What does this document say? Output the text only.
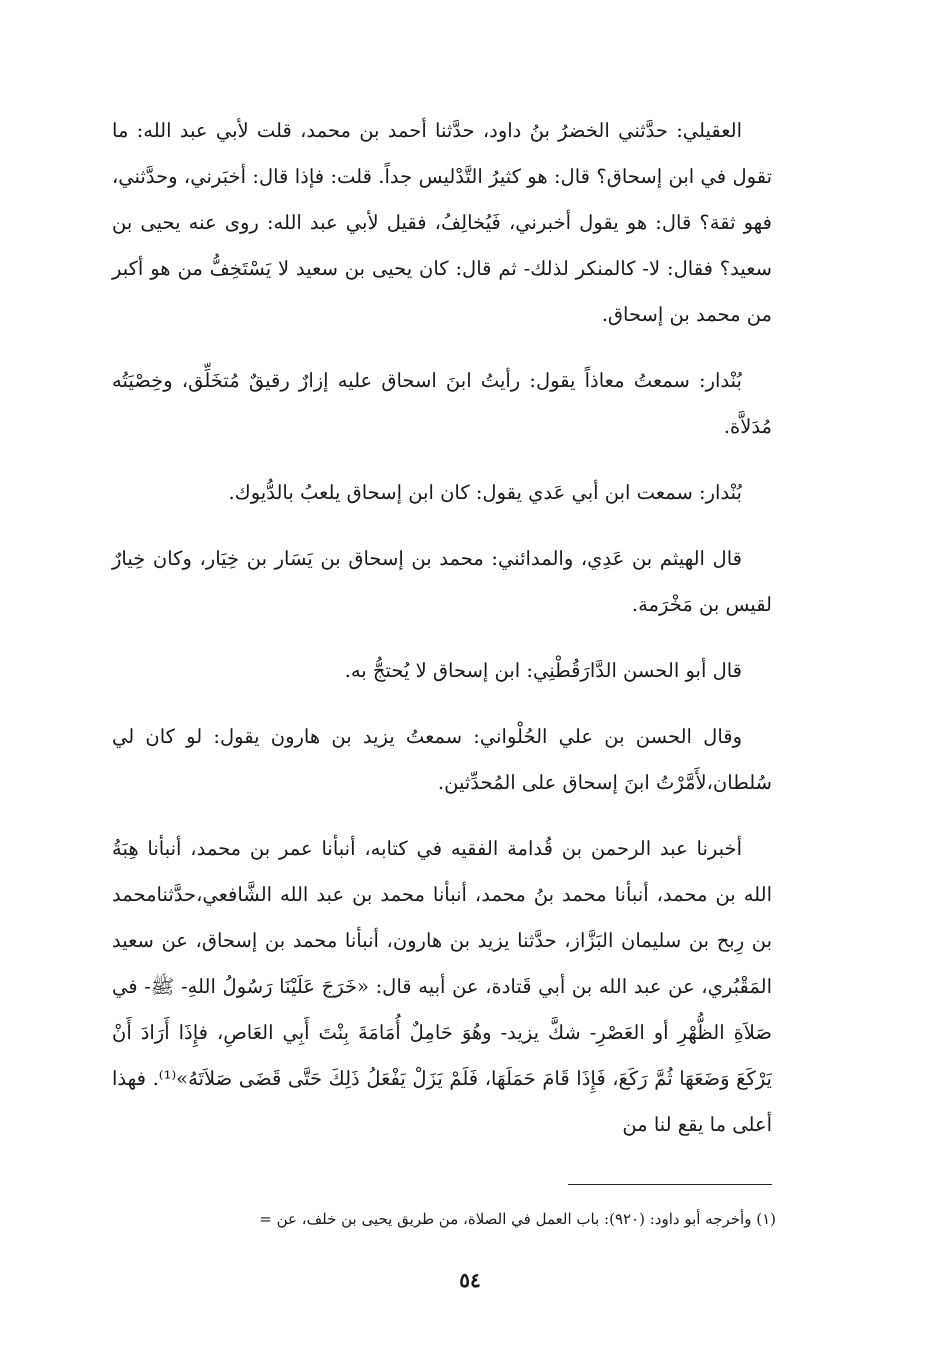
العقيلي: حدَّثني الخضرُ بنُ داود، حدَّثنا أحمد بن محمد، قلت لأبي عبد الله: ما تقول في ابن إسحاق؟ قال: هو كثيرُ التَّدْليس جداً. قلت: فإذا قال: أخبَرني، وحدَّثني، فهو ثقة؟ قال: هو يقول أخبرني، فَيُخالِفُ، فقيل لأبي عبد الله: روى عنه يحيى بن سعيد؟ فقال: لا- كالمنكر لذلك- ثم قال: كان يحيى بن سعيد لا يَسْتَخِفُّ من هو أكبر من محمد بن إسحاق.

بُنْدار: سمعتُ معاذاً يقول: رأيتُ ابنَ اسحاق عليه إزارٌ رقيقٌ مُتخَلِّق، وخِصْيَتُه مُدَلاَّة.

بُنْدار: سمعت ابن أبي عَدي يقول: كان ابن إسحاق يلعبُ بالدُّيوك.

قال الهيثم بن عَدِي، والمدائني: محمد بن إسحاق بن يَسَار بن خِيَار، وكان خِيارٌ لقيس بن مَخْرَمة.

قال أبو الحسن الدَّارَقُطْنِي: ابن إسحاق لا يُحتجُّ به.

وقال الحسن بن علي الحُلْواني: سمعتُ يزيد بن هارون يقول: لو كان لي سُلطان،لأَمَّرْتُ ابنَ إسحاق على المُحدِّثين.

أخبرنا عبد الرحمن بن قُدامة الفقيه في كتابه، أنبأنا عمر بن محمد، أنبأنا هِبَةُ الله بن محمد، أنبأنا محمد بنُ محمد، أنبأنا محمد بن عبد الله الشَّافعي،حدَّثنامحمد بن رِبح بن سليمان البَزَّاز، حدَّثنا يزيد بن هارون، أنبأنا محمد بن إسحاق، عن سعيد المَقْبُري، عن عبد الله بن أبي قَتادة، عن أبيه قال: «خَرَجَ عَلَيْنَا رَسُولُ اللهِ- ﷺ- في صَلاَةِ الظُّهْرِ أو العَصْرِ- شكَّ يزيد- وهُوَ حَامِلٌ أُمَامَةَ بِنْتَ أَبِي العَاصِ، فإِذَا أَرَادَ أَنْ يَرْكَعَ وَضَعَهَا ثُمَّ رَكَعَ، فَإِذَا قَامَ حَمَلَهَا، فَلَمْ يَزَلْ يَفْعَلُ ذَلِكَ حَتَّى قَضَى صَلاَتَهُ»⁽¹⁾. فهذا أعلى ما يقع لنا من

(١) وأخرجه أبو داود: (٩٢٠): باب العمل في الصلاة، من طريق يحيى بن خلف، عن =
٥٤
